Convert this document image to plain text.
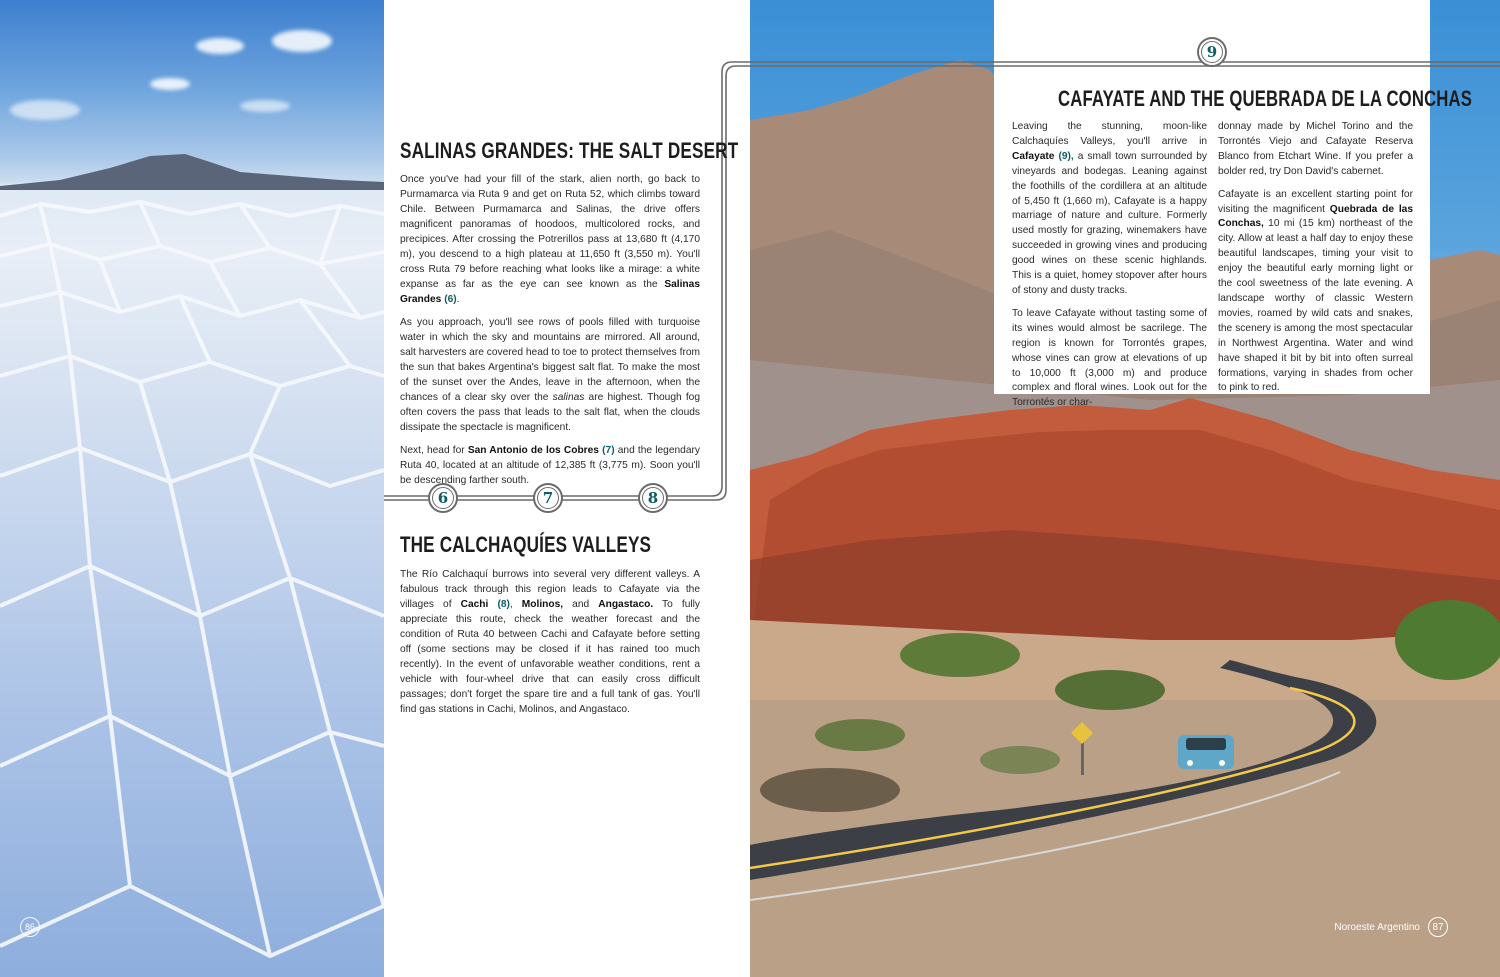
86	Noroeste Argentino	87
6	7	8
SALINAS GRANDES: THE SALT DESERT

Once you've had your fill of the stark, alien north, go back to Purmamarca via Ruta 9 and get on Ruta 52, which climbs toward Chile. Between Purmamarca and Salinas, the drive offers magnificent panoramas of hoodoos, multicolored rocks, and precipices. After crossing the Potrerillos pass at 13,680 ft (4,170 m), you descend to a high plateau at 11,650 ft (3,550 m). You'll cross Ruta 79 before reaching what looks like a mirage: a white expanse as far as the eye can see known as the Salinas Grandes (6).

As you approach, you'll see rows of pools filled with turquoise water in which the sky and mountains are mirrored. All around, salt harvesters are covered head to toe to protect themselves from the sun that bakes Argentina's biggest salt flat. To make the most of the sunset over the Andes, leave in the afternoon, when the chances of a clear sky over the salinas are highest. Though fog often covers the pass that leads to the salt flat, when the clouds dissipate the spectacle is magnificent.

Next, head for San Antonio de los Cobres (7) and the legendary Ruta 40, located at an altitude of 12,385 ft (3,775 m). Soon you'll be descending farther south.

THE CALCHAQUÍES VALLEYS

The Río Calchaquí burrows into several very different valleys. A fabulous track through this region leads to Cafayate via the villages of Cachi (8), Molinos, and Angastaco. To fully appreciate this route, check the weather forecast and the condition of Ruta 40 between Cachi and Cafayate before setting off (some sections may be closed if it has rained too much recently). In the event of unfavorable weather conditions, rent a vehicle with four-wheel drive that can easily cross difficult passages; don't forget the spare tire and a full tank of gas. You'll find gas stations in Cachi, Molinos, and Angastaco.

9
CAFAYATE AND THE QUEBRADA DE LA CONCHAS

Leaving the stunning, moon-like Calchaquíes Valleys, you'll arrive in Cafayate (9), a small town surrounded by vineyards and bodegas. Leaning against the foothills of the cordillera at an altitude of 5,450 ft (1,660 m), Cafayate is a happy marriage of nature and culture. Formerly used mostly for grazing, winemakers have succeeded in growing vines and producing good wines on these scenic highlands. This is a quiet, homey stopover after hours of stony and dusty tracks.

To leave Cafayate without tasting some of its wines would almost be sacrilege. The region is known for Torrontés grapes, whose vines can grow at elevations of up to 10,000 ft (3,000 m) and produce complex and floral wines. Look out for the Torrontés or char-

donnay made by Michel Torino and the Torrontés Viejo and Cafayate Reserva Blanco from Etchart Wine. If you prefer a bolder red, try Don David's cabernet.

Cafayate is an excellent starting point for visiting the magnificent Quebrada de las Conchas, 10 mi (15 km) northeast of the city. Allow at least a half day to enjoy these beautiful landscapes, timing your visit to enjoy the beautiful early morning light or the cool sweetness of the late evening. A landscape worthy of classic Western movies, roamed by wild cats and snakes, the scenery is among the most spectacular in Northwest Argentina. Water and wind have shaped it bit by bit into often surreal formations, varying in shades from ocher to pink to red.
